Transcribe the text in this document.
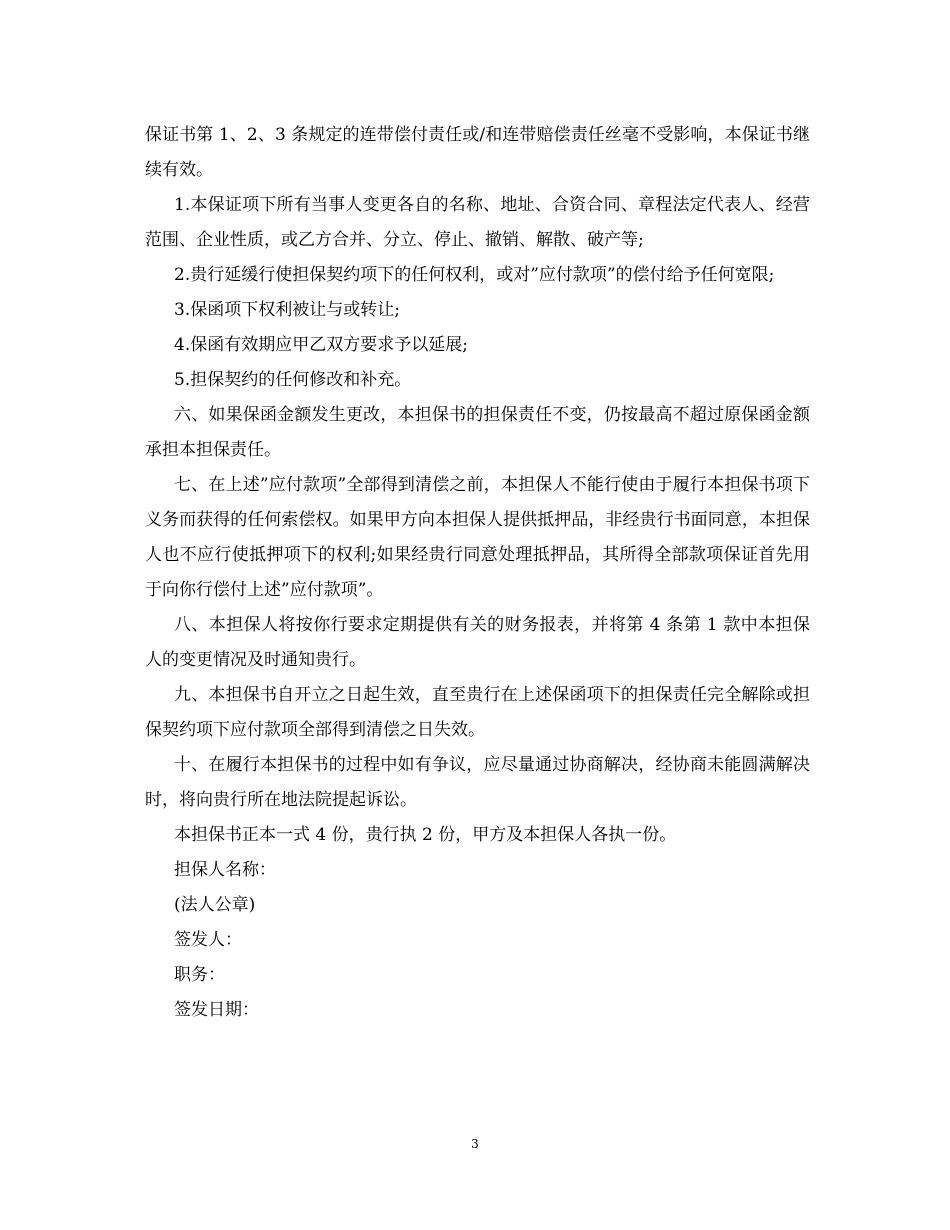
保证书第 1、2、3 条规定的连带偿付责任或/和连带赔偿责任丝毫不受影响，本保证书继续有效。

1.本保证项下所有当事人变更各自的名称、地址、合资合同、章程法定代表人、经营范围、企业性质，或乙方合并、分立、停止、撤销、解散、破产等;

2.贵行延缓行使担保契约项下的任何权利，或对”应付款项”的偿付给予任何宽限;

3.保函项下权利被让与或转让;

4.保函有效期应甲乙双方要求予以延展;

5.担保契约的任何修改和补充。

六、如果保函金额发生更改，本担保书的担保责任不变，仍按最高不超过原保函金额承担本担保责任。

七、在上述”应付款项”全部得到清偿之前，本担保人不能行使由于履行本担保书项下义务而获得的任何索偿权。如果甲方向本担保人提供抵押品，非经贵行书面同意，本担保人也不应行使抵押项下的权利;如果经贵行同意处理抵押品，其所得全部款项保证首先用于向你行偿付上述”应付款项”。

八、本担保人将按你行要求定期提供有关的财务报表，并将第 4 条第 1 款中本担保人的变更情况及时通知贵行。

九、本担保书自开立之日起生效，直至贵行在上述保函项下的担保责任完全解除或担保契约项下应付款项全部得到清偿之日失效。

十、在履行本担保书的过程中如有争议，应尽量通过协商解决，经协商未能圆满解决时，将向贵行所在地法院提起诉讼。

本担保书正本一式 4 份，贵行执 2 份，甲方及本担保人各执一份。

担保人名称：

(法人公章)

签发人：

职务：

签发日期：

3
